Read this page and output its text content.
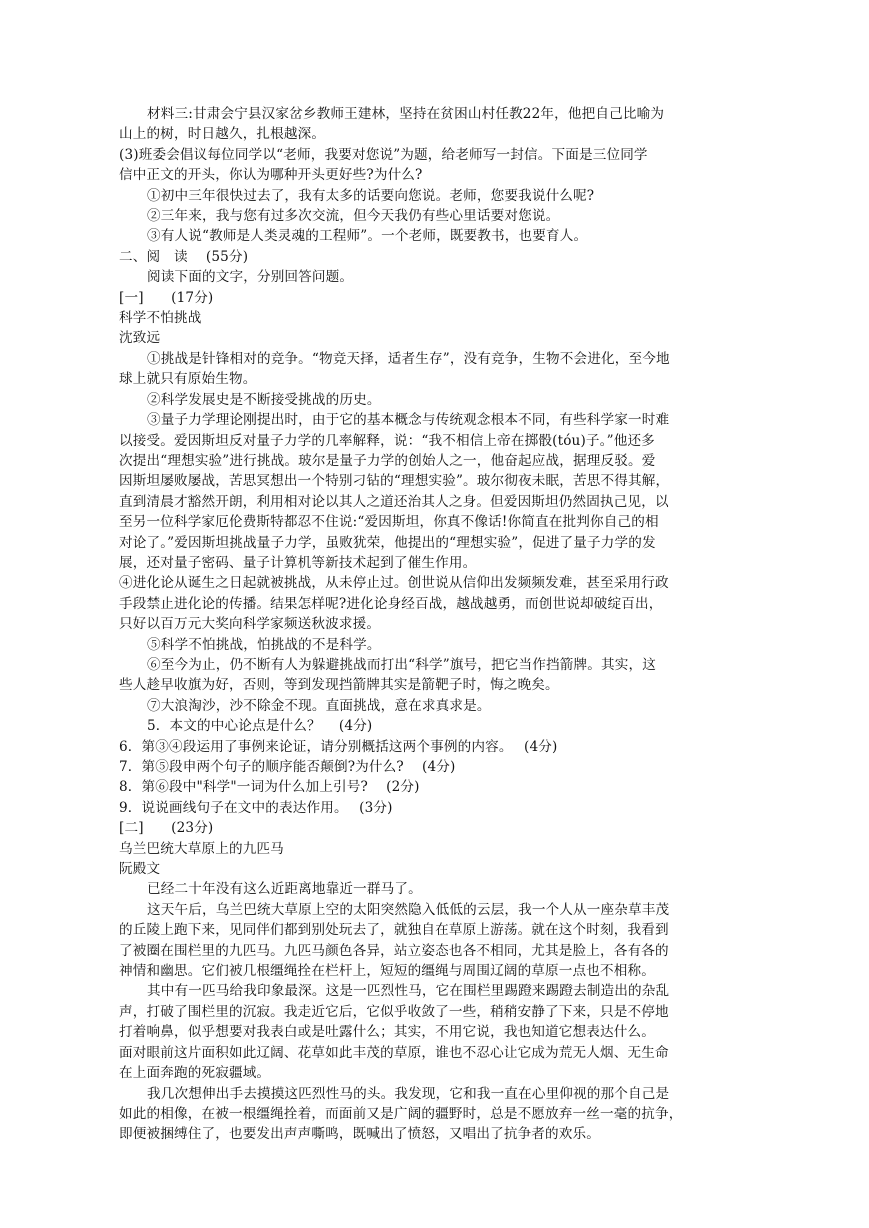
材料三:甘肃会宁县汉家岔乡教师王建林，坚持在贫困山村任教22年，他把自己比喻为
山上的树，时日越久，扎根越深。
(3)班委会倡议每位同学以“老师，我要对您说”为题，给老师写一封信。下面是三位同学
信中正文的开头，你认为哪种开头更好些?为什么?
①初中三年很快过去了，我有太多的话要向您说。老师，您要我说什么呢?
②三年来，我与您有过多次交流，但今天我仍有些心里话要对您说。
③有人说“教师是人类灵魂的工程师”。一个老师，既要教书，也要育人。
二、阅　读　 (55分)
阅读下面的文字，分别回答问题。
[一]　　(17分)
科学不怕挑战
沈致远
①挑战是针锋相对的竞争。“物竞天择，适者生存”，没有竞争，生物不会进化，至今地
球上就只有原始生物。
②科学发展史是不断接受挑战的历史。
③量子力学理论刚提出时，由于它的基本概念与传统观念根本不同，有些科学家一时难
以接受。爱因斯坦反对量子力学的几率解释，说：“我不相信上帝在掷骰(tóu)子。”他还多
次提出“理想实验”进行挑战。玻尔是量子力学的创始人之一，他奋起应战，据理反驳。爱
因斯坦屡败屡战，苦思冥想出一个特别刁钻的“理想实验”。玻尔彻夜未眠，苦思不得其解，
直到清晨才豁然开朗，利用相对论以其人之道还治其人之身。但爱因斯坦仍然固执己见，以
至另一位科学家厄伦费斯特都忍不住说:“爱因斯坦，你真不像话!你简直在批判你自己的相
对论了。”爱因斯坦挑战量子力学，虽败犹荣，他提出的“理想实验”，促进了量子力学的发
展，还对量子密码、量子计算机等新技术起到了催生作用。
④进化论从诞生之日起就被挑战，从未停止过。创世说从信仰出发频频发难，甚至采用行政
手段禁止进化论的传播。结果怎样呢?进化论身经百战，越战越勇，而创世说却破绽百出，
只好以百万元大奖向科学家频送秋波求援。
⑤科学不怕挑战，怕挑战的不是科学。
⑥至今为止，仍不断有人为躲避挑战而打出“科学”旗号，把它当作挡箭牌。其实，这
些人趁早收旗为好，否则，等到发现挡箭牌其实是箭靶子时，悔之晚矣。
⑦大浪淘沙，沙不除金不现。直面挑战，意在求真求是。
5．本文的中心论点是什么？　 (4分)
6．第③④段运用了事例来论证，请分别概括这两个事例的内容。　 (4分)
7．第⑤段申两个句子的顺序能否颠倒?为什么?　 (4分)
8．第⑥段中"科学"一词为什么加上引号?　 (2分)
9．说说画线句子在文中的表达作用。　 (3分)
[二]　　(23分)
乌兰巴统大草原上的九匹马
阮殿文
已经二十年没有这么近距离地靠近一群马了。
这天午后，乌兰巴统大草原上空的太阳突然隐入低低的云层，我一个人从一座杂草丰茂
的丘陵上跑下来，见同伴们都到别处玩去了，就独自在草原上游荡。就在这个时刻，我看到
了被圈在围栏里的九匹马。九匹马颜色各异，站立姿态也各不相同，尤其是脸上，各有各的
神情和幽思。它们被几根缰绳拴在栏杆上，短短的缰绳与周围辽阔的草原一点也不相称。
其中有一匹马给我印象最深。这是一匹烈性马，它在围栏里踢蹬来踢蹬去制造出的杂乱
声，打破了围栏里的沉寂。我走近它后，它似乎收敛了一些，稍稍安静了下来，只是不停地
打着响鼻，似乎想要对我表白或是吐露什么；其实，不用它说，我也知道它想表达什么。
面对眼前这片面积如此辽阔、花草如此丰茂的草原，谁也不忍心让它成为荒无人烟、无生命
在上面奔跑的死寂疆域。
我几次想伸出手去摸摸这匹烈性马的头。我发现，它和我一直在心里仰视的那个自己是
如此的相像，在被一根缰绳拴着，而面前又是广阔的疆野时，总是不愿放弃一丝一毫的抗争，
即便被捆缚住了，也要发出声声嘶鸣，既喊出了愤怒，又唱出了抗争者的欢乐。
